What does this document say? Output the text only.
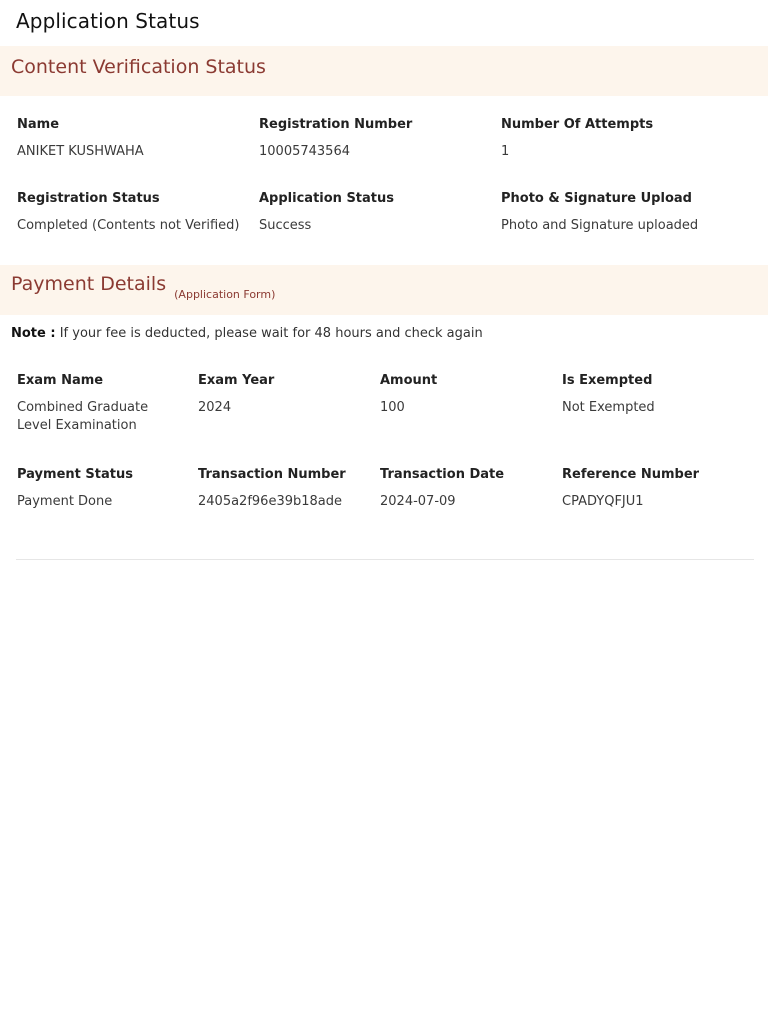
Application Status
Content Verification Status
Name
ANIKET KUSHWAHA
Registration Number
10005743564
Number Of Attempts
1
Registration Status
Completed (Contents not Verified)
Application Status
Success
Photo & Signature Upload
Photo and Signature uploaded
Payment Details $_{(Application Form)}$
Note : If your fee is deducted, please wait for 48 hours and check again
Exam Name
Combined Graduate Level Examination
Exam Year
2024
Amount
100
Is Exempted
Not Exempted
Payment Status
Payment Done
Transaction Number
2405a2f96e39b18ade
Transaction Date
2024-07-09
Reference Number
CPADYQFJU1
